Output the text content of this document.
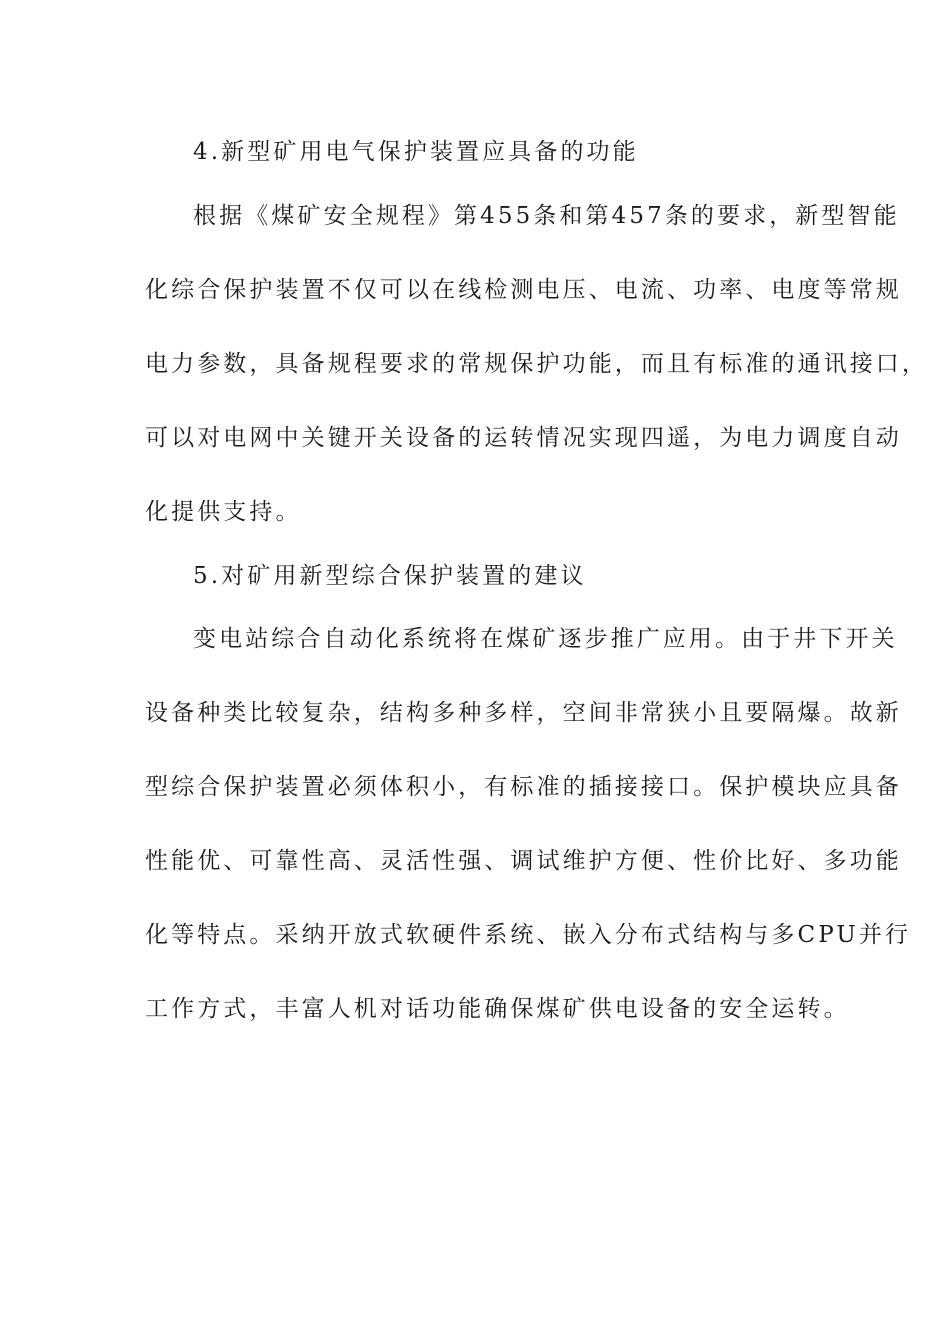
4.新型矿用电气保护装置应具备的功能
根据《煤矿安全规程》第455条和第457条的要求，新型智能
化综合保护装置不仅可以在线检测电压、电流、功率、电度等常规
电力参数，具备规程要求的常规保护功能，而且有标准的通讯接口，
可以对电网中关键开关设备的运转情况实现四遥，为电力调度自动
化提供支持。
5.对矿用新型综合保护装置的建议
变电站综合自动化系统将在煤矿逐步推广应用。由于井下开关
设备种类比较复杂，结构多种多样，空间非常狭小且要隔爆。故新
型综合保护装置必须体积小，有标准的插接接口。保护模块应具备
性能优、可靠性高、灵活性强、调试维护方便、性价比好、多功能
化等特点。采纳开放式软硬件系统、嵌入分布式结构与多CPU并行
工作方式，丰富人机对话功能确保煤矿供电设备的安全运转。
